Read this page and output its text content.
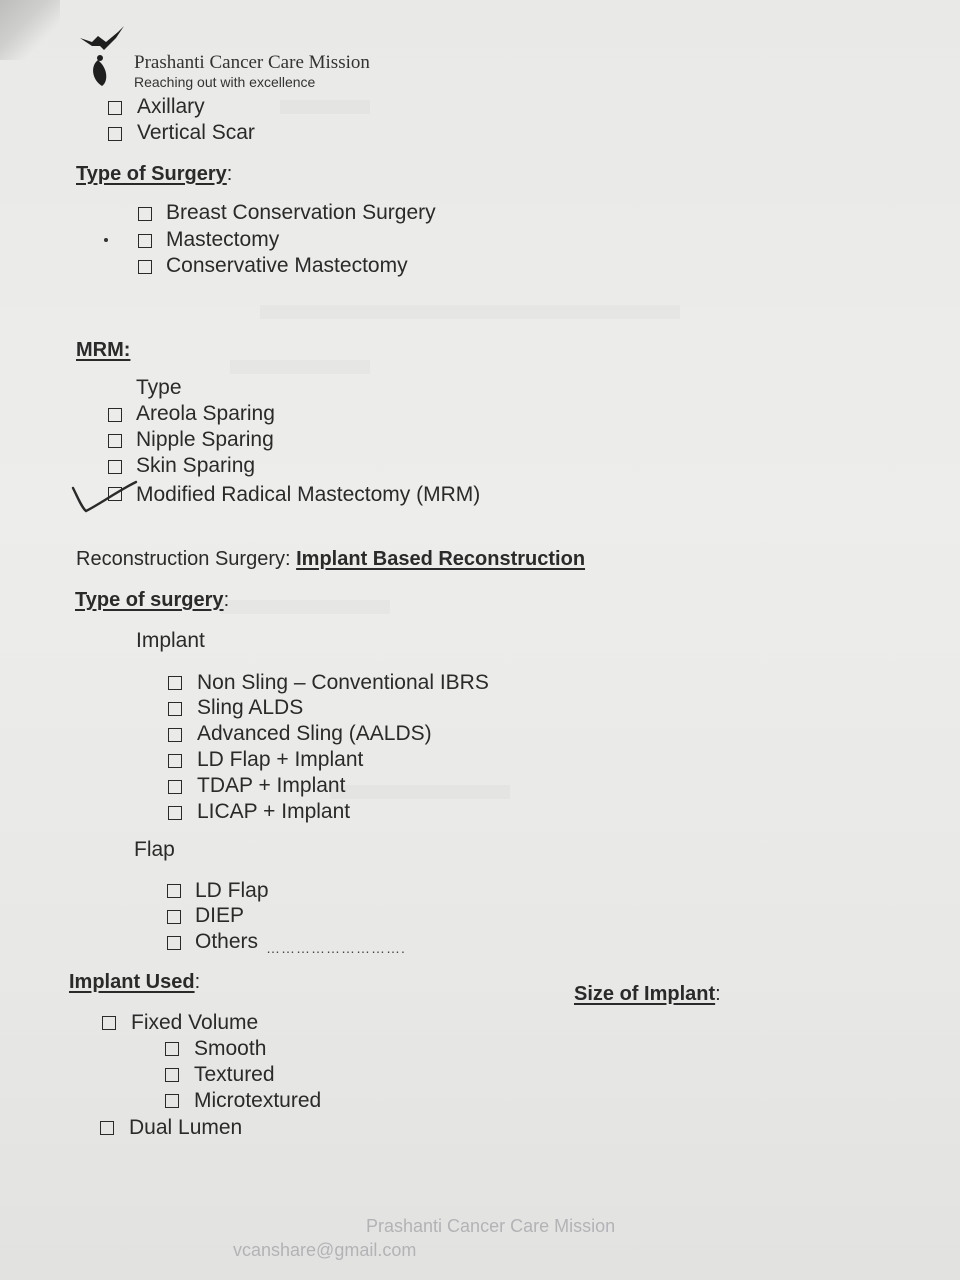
Prashanti Cancer Care Mission
Reaching out with excellence
Axillary
Vertical Scar
Type of Surgery:
Breast Conservation Surgery
Mastectomy
Conservative Mastectomy
MRM:
Type
Areola Sparing
Nipple Sparing
Skin Sparing
Modified Radical Mastectomy (MRM)
Reconstruction Surgery: Implant Based Reconstruction
Type of surgery:
Implant
Non Sling – Conventional IBRS
Sling ALDS
Advanced Sling (AALDS)
LD Flap + Implant
TDAP + Implant
LICAP + Implant
Flap
LD Flap
DIEP
Others ……………………….
Implant Used:
Size of Implant:
Fixed Volume
Smooth
Textured
Microtextured
Dual Lumen
Prashanti Cancer Care Mission
vcanshare@gmail.com
